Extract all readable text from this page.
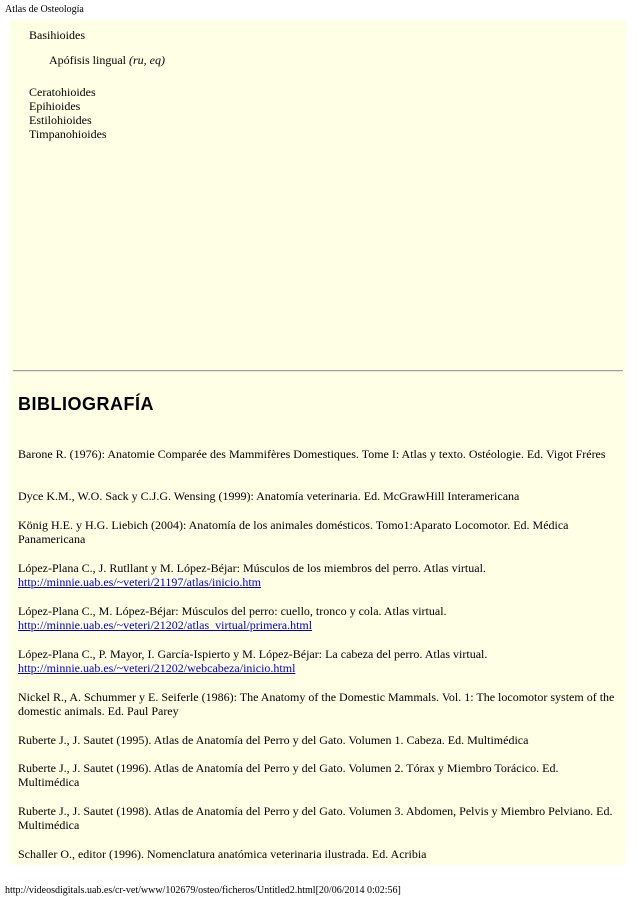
Atlas de Osteología
Basihioides
Apófisis lingual (ru, eq)
Ceratohioides
Epihioides
Estilohioides
Timpanohioides
BIBLIOGRAFÍA
Barone R. (1976): Anatomie Comparée des Mammifères Domestiques. Tome I: Atlas y texto. Ostéologie. Ed. Vigot Fréres
Dyce K.M., W.O. Sack y C.J.G. Wensing (1999): Anatomía veterinaria. Ed. McGrawHill Interamericana
König H.E. y H.G. Liebich (2004): Anatomía de los animales domésticos. Tomo1:Aparato Locomotor. Ed. Médica Panamericana
López-Plana C., J. Rutllant y M. López-Béjar: Músculos de los miembros del perro. Atlas virtual.
http://minnie.uab.es/~veteri/21197/atlas/inicio.htm
López-Plana C., M. López-Béjar: Músculos del perro: cuello, tronco y cola. Atlas virtual.
http://minnie.uab.es/~veteri/21202/atlas_virtual/primera.html
López-Plana C., P. Mayor, I. García-Ispierto y M. López-Béjar: La cabeza del perro. Atlas virtual.
http://minnie.uab.es/~veteri/21202/webcabeza/inicio.html
Nickel R., A. Schummer y E. Seiferle (1986): The Anatomy of the Domestic Mammals. Vol. 1: The locomotor system of the domestic animals. Ed. Paul Parey
Ruberte J., J. Sautet (1995). Atlas de Anatomía del Perro y del Gato. Volumen 1. Cabeza. Ed. Multimédica
Ruberte J., J. Sautet (1996). Atlas de Anatomía del Perro y del Gato. Volumen 2. Tórax y Miembro Torácico. Ed. Multimédica
Ruberte J., J. Sautet (1998). Atlas de Anatomía del Perro y del Gato. Volumen 3. Abdomen, Pelvis y Miembro Pelviano. Ed. Multimédica
Schaller O., editor (1996). Nomenclatura anatómica veterinaria ilustrada. Ed. Acribia
http://videosdigitals.uab.es/cr-vet/www/102679/osteo/ficheros/Untitled2.html[20/06/2014 0:02:56]
